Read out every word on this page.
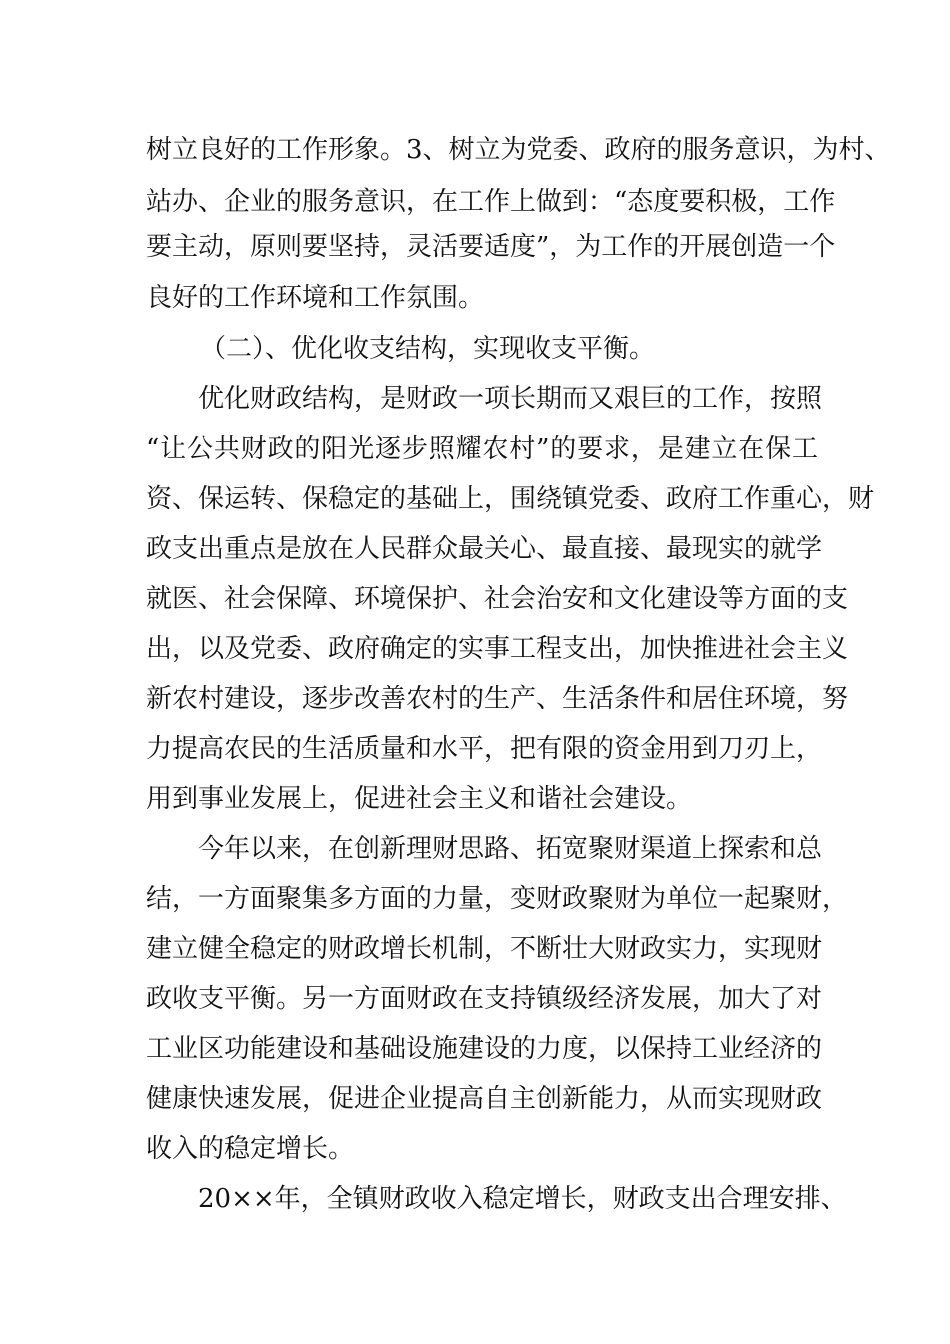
树立良好的工作形象。3、树立为党委、政府的服务意识，为村、
站办、企业的服务意识，在工作上做到：“态度要积极，工作
要主动，原则要坚持，灵活要适度”，为工作的开展创造一个
良好的工作环境和工作氛围。
（二）、优化收支结构，实现收支平衡。
优化财政结构，是财政一项长期而又艰巨的工作，按照
“让公共财政的阳光逐步照耀农村”的要求，是建立在保工
资、保运转、保稳定的基础上，围绕镇党委、政府工作重心，财
政支出重点是放在人民群众最关心、最直接、最现实的就学
就医、社会保障、环境保护、社会治安和文化建设等方面的支
出，以及党委、政府确定的实事工程支出，加快推进社会主义
新农村建设，逐步改善农村的生产、生活条件和居住环境，努
力提高农民的生活质量和水平，把有限的资金用到刀刃上，
用到事业发展上，促进社会主义和谐社会建设。
今年以来，在创新理财思路、拓宽聚财渠道上探索和总
结，一方面聚集多方面的力量，变财政聚财为单位一起聚财，
建立健全稳定的财政增长机制，不断壮大财政实力，实现财
政收支平衡。另一方面财政在支持镇级经济发展，加大了对
工业区功能建设和基础设施建设的力度，以保持工业经济的
健康快速发展，促进企业提高自主创新能力，从而实现财政
收入的稳定增长。
20××年，全镇财政收入稳定增长，财政支出合理安排、
